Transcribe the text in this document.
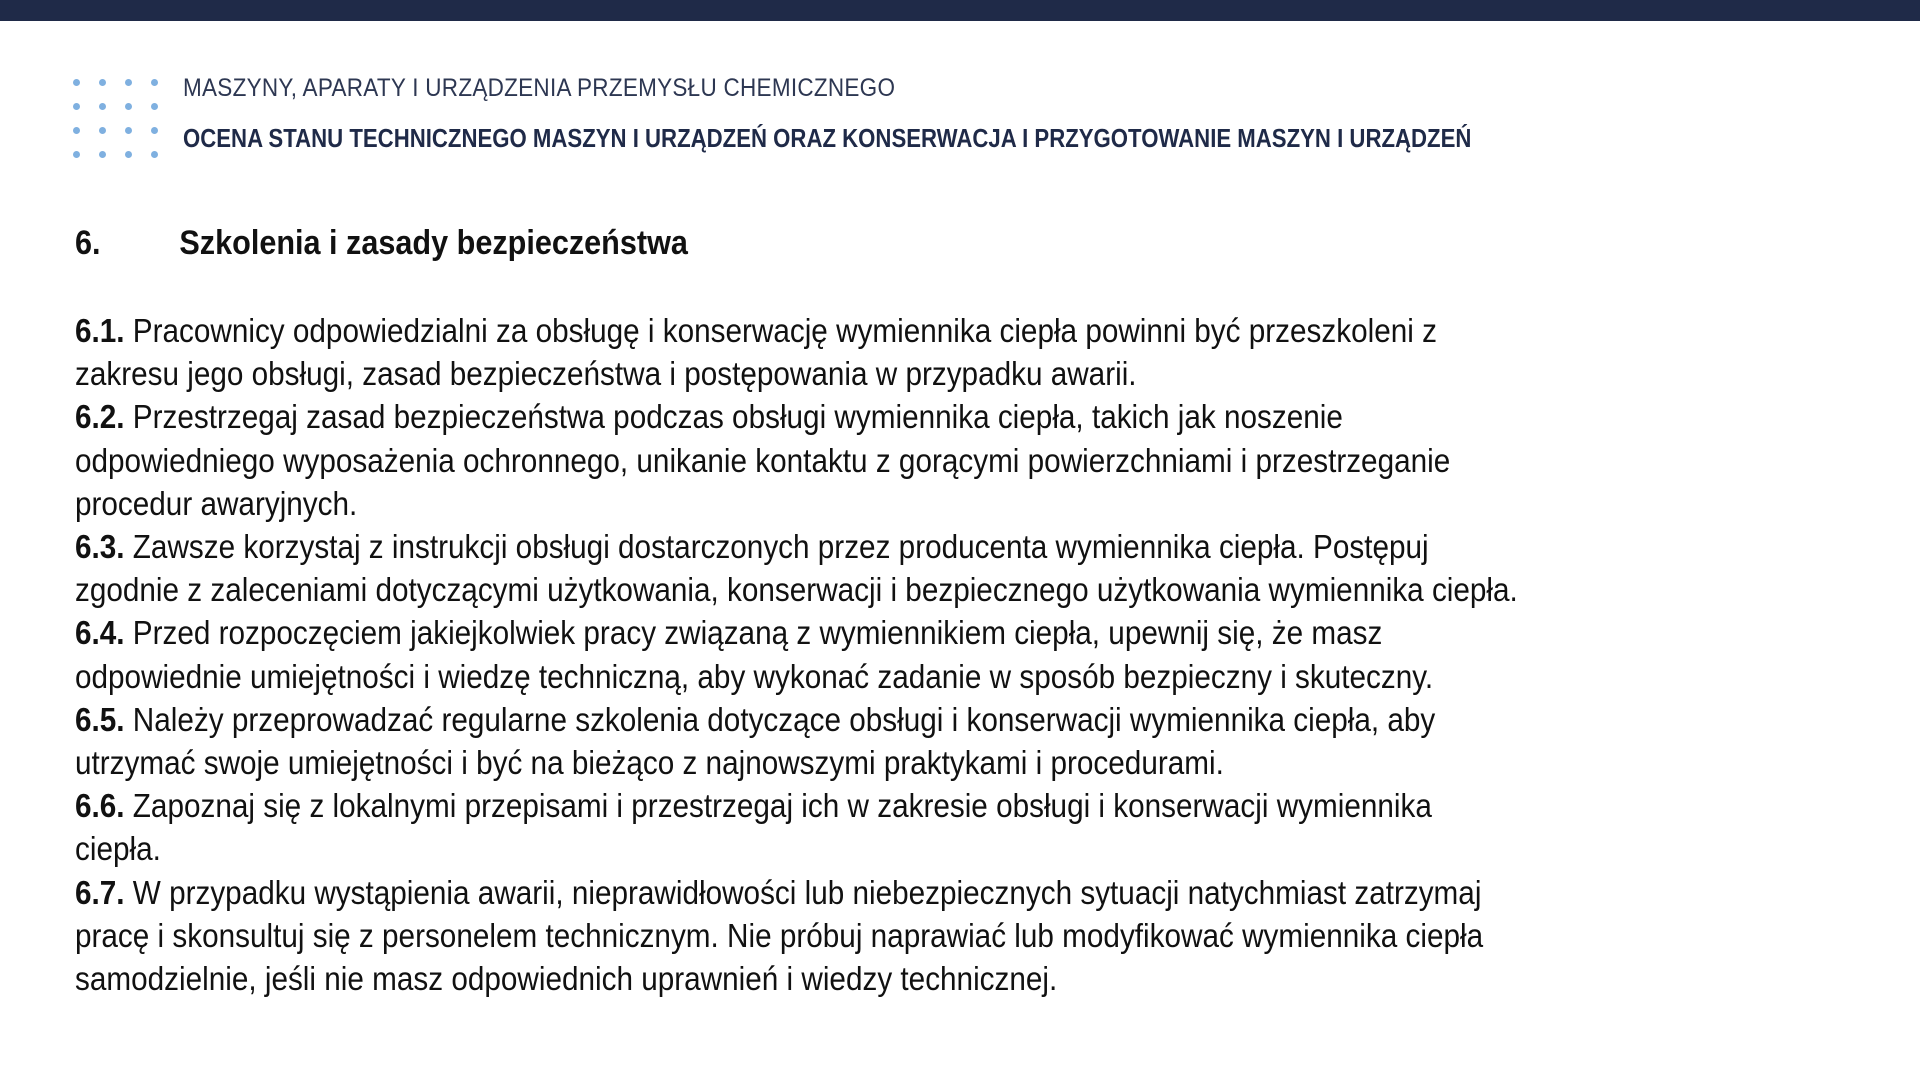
MASZYNY, APARATY I URZĄDZENIA PRZEMYSŁU CHEMICZNEGO
OCENA STANU TECHNICZNEGO MASZYN I URZĄDZEŃ ORAZ KONSERWACJA I PRZYGOTOWANIE MASZYN I URZĄDZEŃ
6. Szkolenia i zasady bezpieczeństwa
6.1. Pracownicy odpowiedzialni za obsługę i konserwację wymiennika ciepła powinni być przeszkoleni z
zakresu jego obsługi, zasad bezpieczeństwa i postępowania w przypadku awarii.
6.2. Przestrzegaj zasad bezpieczeństwa podczas obsługi wymiennika ciepła, takich jak noszenie
odpowiedniego wyposażenia ochronnego, unikanie kontaktu z gorącymi powierzchniami i przestrzeganie
procedur awaryjnych.
6.3. Zawsze korzystaj z instrukcji obsługi dostarczonych przez producenta wymiennika ciepła. Postępuj
zgodnie z zaleceniami dotyczącymi użytkowania, konserwacji i bezpiecznego użytkowania wymiennika ciepła.
6.4. Przed rozpoczęciem jakiejkolwiek pracy związaną z wymiennikiem ciepła, upewnij się, że masz
odpowiednie umiejętności i wiedzę techniczną, aby wykonać zadanie w sposób bezpieczny i skuteczny.
6.5. Należy przeprowadzać regularne szkolenia dotyczące obsługi i konserwacji wymiennika ciepła, aby
utrzymać swoje umiejętności i być na bieżąco z najnowszymi praktykami i procedurami.
6.6. Zapoznaj się z lokalnymi przepisami i przestrzegaj ich w zakresie obsługi i konserwacji wymiennika
ciepła.
6.7. W przypadku wystąpienia awarii, nieprawidłowości lub niebezpiecznych sytuacji natychmiast zatrzymaj
pracę i skonsultuj się z personelem technicznym. Nie próbuj naprawiać lub modyfikować wymiennika ciepła
samodzielnie, jeśli nie masz odpowiednich uprawnień i wiedzy technicznej.
